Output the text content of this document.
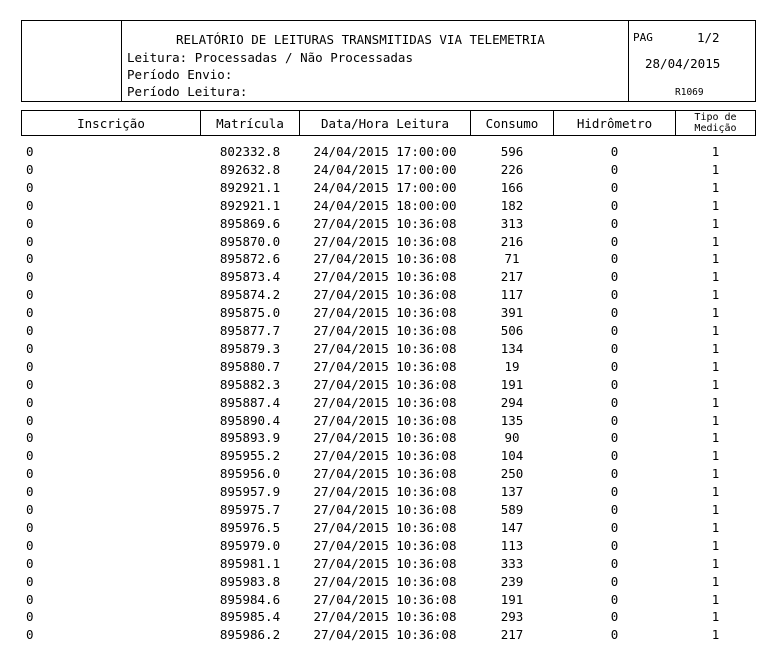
RELATÓRIO DE LEITURAS TRANSMITIDAS VIA TELEMETRIA
Leitura: Processadas / Não Processadas
Período Envio:
Período Leitura:
PAG	1/2
28/04/2015
R1069
Inscrição	Matrícula	Data/Hora Leitura	Consumo	Hidrômetro	Tipo de
Medição
0	802332.8	24/04/2015 17:00:00	596	0	1
0	892632.8	24/04/2015 17:00:00	226	0	1
0	892921.1	24/04/2015 17:00:00	166	0	1
0	892921.1	24/04/2015 18:00:00	182	0	1
0	895869.6	27/04/2015 10:36:08	313	0	1
0	895870.0	27/04/2015 10:36:08	216	0	1
0	895872.6	27/04/2015 10:36:08	71	0	1
0	895873.4	27/04/2015 10:36:08	217	0	1
0	895874.2	27/04/2015 10:36:08	117	0	1
0	895875.0	27/04/2015 10:36:08	391	0	1
0	895877.7	27/04/2015 10:36:08	506	0	1
0	895879.3	27/04/2015 10:36:08	134	0	1
0	895880.7	27/04/2015 10:36:08	19	0	1
0	895882.3	27/04/2015 10:36:08	191	0	1
0	895887.4	27/04/2015 10:36:08	294	0	1
0	895890.4	27/04/2015 10:36:08	135	0	1
0	895893.9	27/04/2015 10:36:08	90	0	1
0	895955.2	27/04/2015 10:36:08	104	0	1
0	895956.0	27/04/2015 10:36:08	250	0	1
0	895957.9	27/04/2015 10:36:08	137	0	1
0	895975.7	27/04/2015 10:36:08	589	0	1
0	895976.5	27/04/2015 10:36:08	147	0	1
0	895979.0	27/04/2015 10:36:08	113	0	1
0	895981.1	27/04/2015 10:36:08	333	0	1
0	895983.8	27/04/2015 10:36:08	239	0	1
0	895984.6	27/04/2015 10:36:08	191	0	1
0	895985.4	27/04/2015 10:36:08	293	0	1
0	895986.2	27/04/2015 10:36:08	217	0	1
